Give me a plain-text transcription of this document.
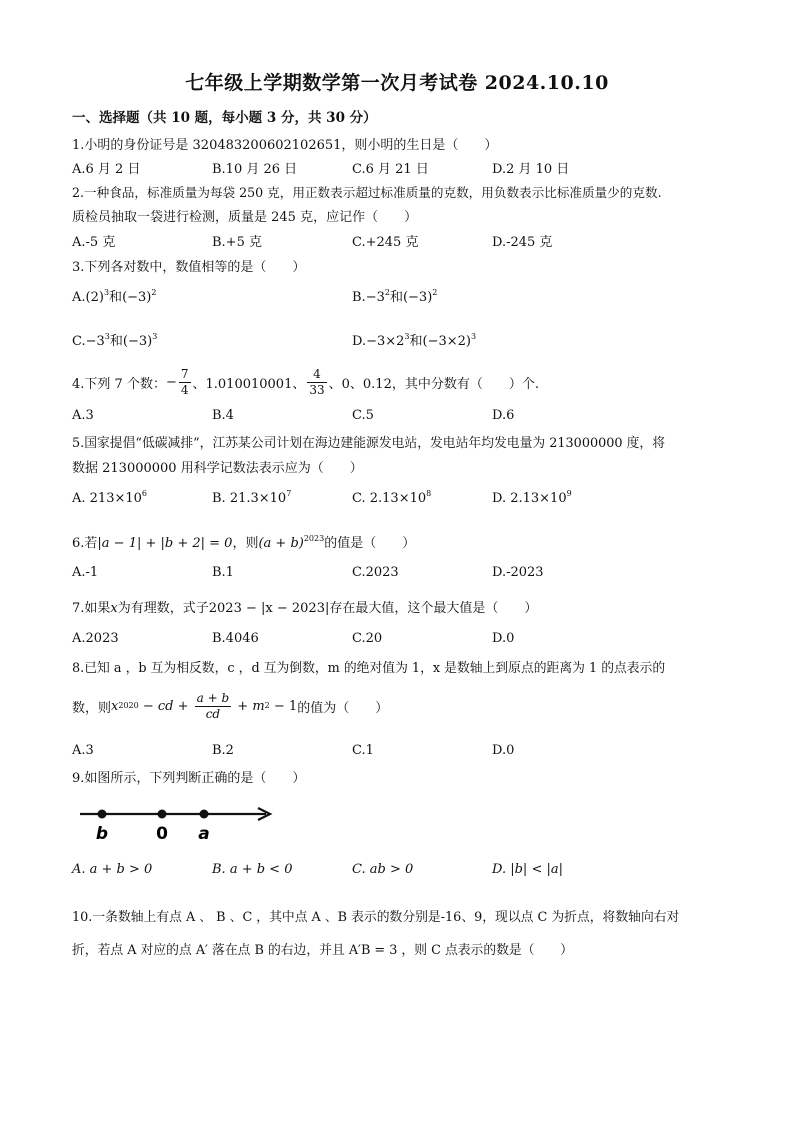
七年级上学期数学第一次月考试卷 2024.10.10
一、选择题（共 10 题，每小题 3 分，共 30 分）
1.小明的身份证号是 320483200602102651，则小明的生日是（　　）
A.6 月 2 日	B.10 月 26 日	C.6 月 21 日	D.2 月 10 日
2.一种食品，标准质量为每袋 250 克，用正数表示超过标准质量的克数，用负数表示比标准质量少的克数.
质检员抽取一袋进行检测，质量是 245 克，应记作（　　）
A.-5 克	B.+5 克	C.+245 克	D.-245 克
3.下列各对数中，数值相等的是（　　）
$A.(2)^3$和$(-3)^2$	$B.-3^2$和$(-3)^2$
$C.-3^3$和$(-3)^3$	$D.-3\times 2^3$和$(-3\times 2)^3$
4.下列 7 个数： − $\frac{7}{4}$ 、1.010010001、 $\frac{4}{33}$ 、0、0.12，其中分数有（　　）个.
A.3	B.4	C.5	D.6
5.国家提倡“低碳减排”，江苏某公司计划在海边建能源发电站，发电站年均发电量为 213000000 度，将
数据 213000000 用科学记数法表示应为（　　）
A. $213\times 10^6$	B. $21.3\times 10^7$	C. $2.13\times 10^8$	D. $2.13\times 10^9$
6.若|a − 1| + |b + 2| = 0，则$(a + b)^{2023}$的值是（　　）
A.-1	B.1	C.2023	D.-2023
7.如果x为有理数，式子2023 − |x − 2023|存在最大值，这个最大值是（　　）
A.2023	B.4046	C.20	D.0
8.已知 a ，b 互为相反数，c ，d 互为倒数，m 的绝对值为 1，x 是数轴上到原点的距离为 1 的点表示的
数，则 x 2020 − cd + $\frac{a + b}{cd} + m$ 2 − 1 的值为（　　）
A.3	B.2	C.1	D.0
9.如图所示，下列判断正确的是（　　）
b	0 a
A. a + b > 0	B. a + b < 0	C. ab > 0	D. |b| < |a|
10.一条数轴上有点 A 、 B 、C ，其中点 A 、B 表示的数分别是-16、9，现以点 C 为折点，将数轴向右对
折，若点 A 对应的点 A′ 落在点 B 的右边，并且 A′B = 3 ，则 C 点表示的数是（　　）
